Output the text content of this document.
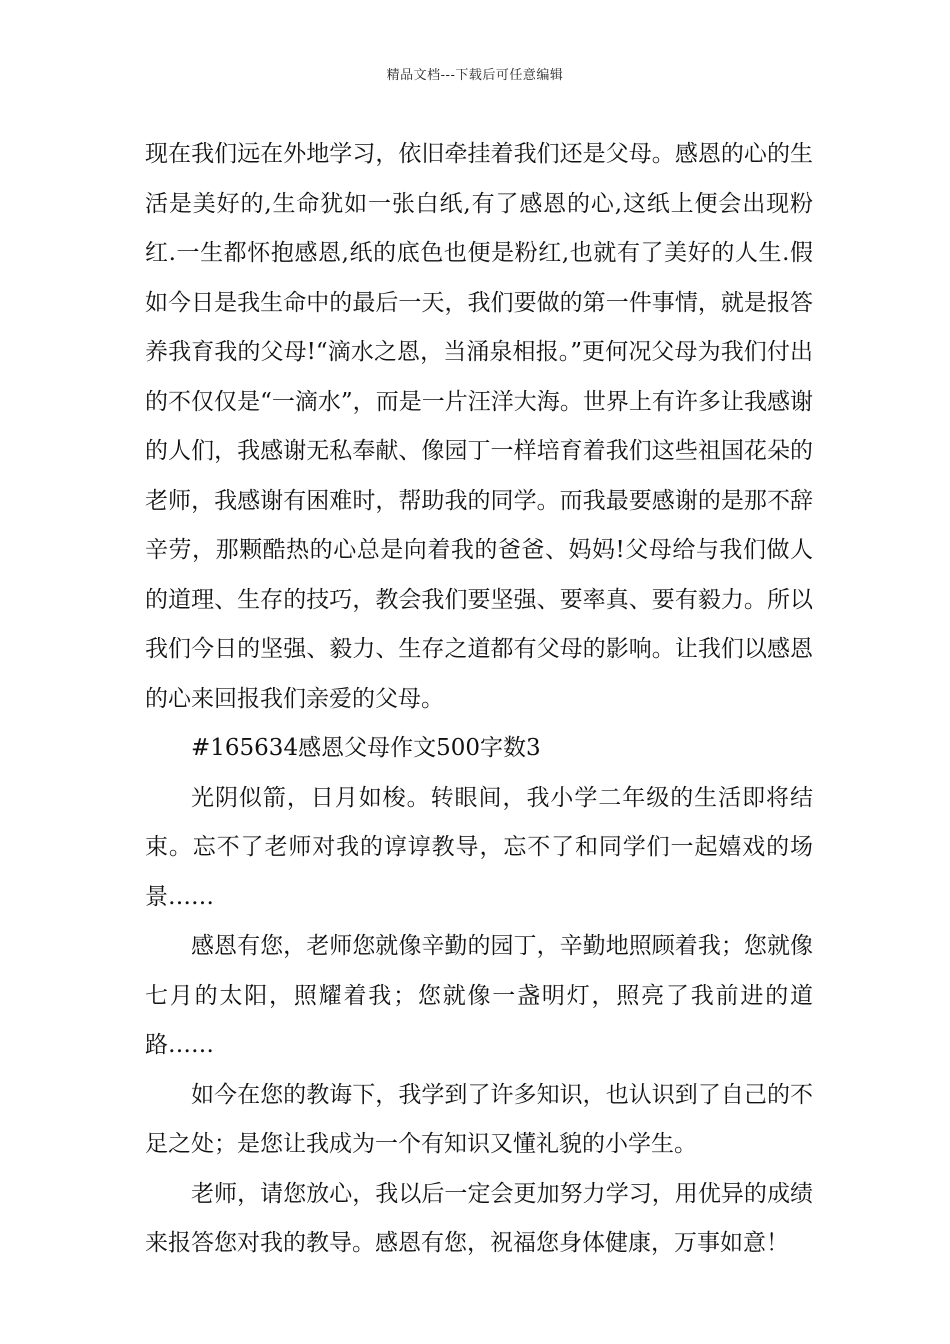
精品文档---下载后可任意编辑

现在我们远在外地学习，依旧牵挂着我们还是父母。感恩的心的生活是美好的,生命犹如一张白纸,有了感恩的心,这纸上便会出现粉红.一生都怀抱感恩,纸的底色也便是粉红,也就有了美好的人生.假如今日是我生命中的最后一天，我们要做的第一件事情，就是报答养我育我的父母!“滴水之恩，当涌泉相报。”更何况父母为我们付出的不仅仅是“一滴水”，而是一片汪洋大海。世界上有许多让我感谢的人们，我感谢无私奉献、像园丁一样培育着我们这些祖国花朵的老师，我感谢有困难时，帮助我的同学。而我最要感谢的是那不辞辛劳，那颗酷热的心总是向着我的爸爸、妈妈!父母给与我们做人的道理、生存的技巧，教会我们要坚强、要率真、要有毅力。所以我们今日的坚强、毅力、生存之道都有父母的影响。让我们以感恩的心来回报我们亲爱的父母。

#165634感恩父母作文500字数3

光阴似箭，日月如梭。转眼间，我小学二年级的生活即将结束。忘不了老师对我的谆谆教导，忘不了和同学们一起嬉戏的场景……

感恩有您，老师您就像辛勤的园丁，辛勤地照顾着我；您就像七月的太阳，照耀着我；您就像一盏明灯，照亮了我前进的道路……

如今在您的教诲下，我学到了许多知识，也认识到了自己的不足之处；是您让我成为一个有知识又懂礼貌的小学生。

老师，请您放心，我以后一定会更加努力学习，用优异的成绩来报答您对我的教导。感恩有您，祝福您身体健康，万事如意！
